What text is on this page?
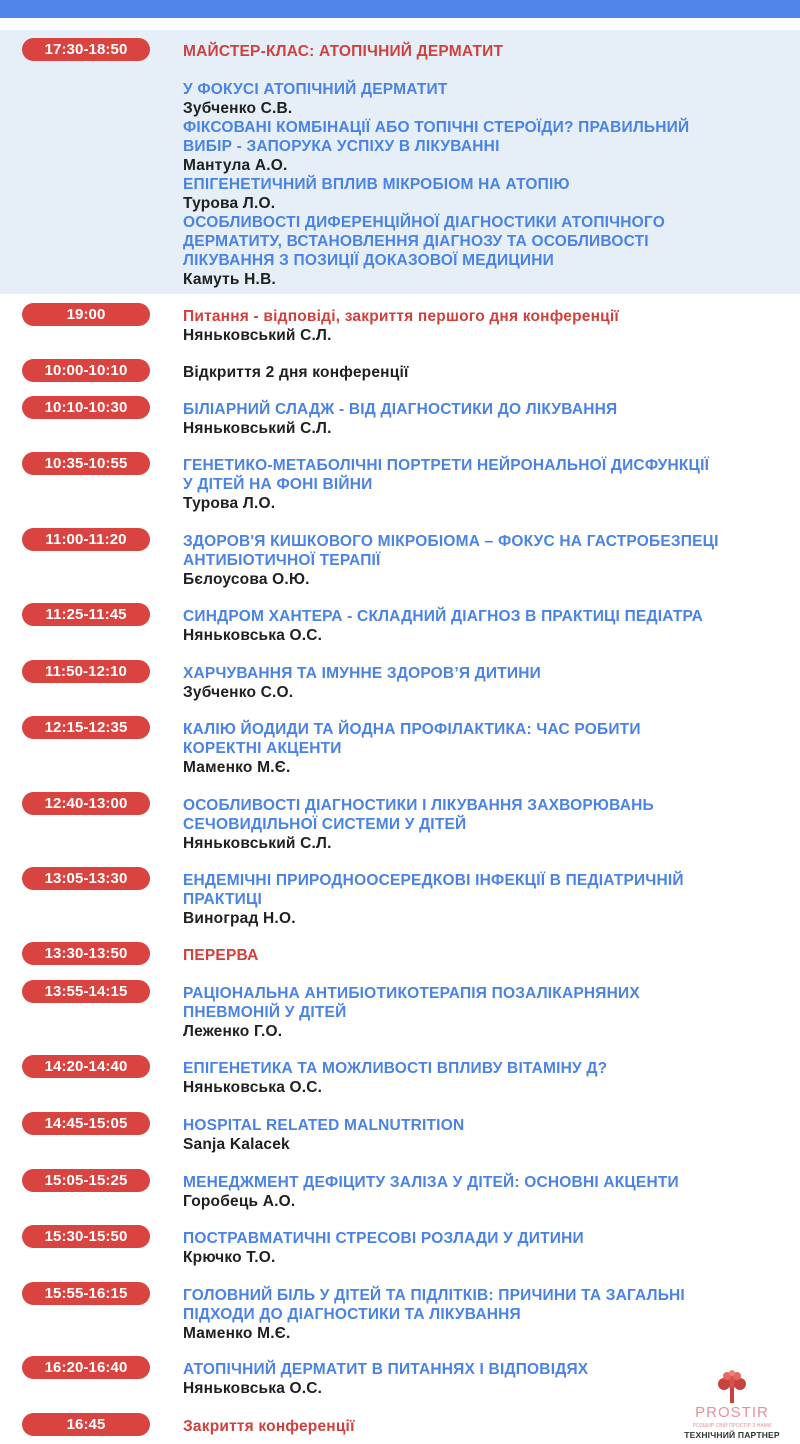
17:30-18:50	МАЙСТЕР-КЛАС: АТОПІЧНИЙ ДЕРМАТИТ
У ФОКУСІ АТОПІЧНИЙ ДЕРМАТИТ
Зубченко С.В.
ФІКСОВАНІ КОМБІНАЦІЇ АБО ТОПІЧНІ СТЕРОЇДИ? ПРАВИЛЬНИЙ
ВИБІР - ЗАПОРУКА УСПІХУ В ЛІКУВАННІ
Мантула А.О.
ЕПІГЕНЕТИЧНИЙ ВПЛИВ МІКРОБІОМ НА АТОПІЮ
Турова Л.О.
ОСОБЛИВОСТІ ДИФЕРЕНЦІЙНОЇ ДІАГНОСТИКИ АТОПІЧНОГО
ДЕРМАТИТУ, ВСТАНОВЛЕННЯ ДІАГНОЗУ ТА ОСОБЛИВОСТІ
ЛІКУВАННЯ З ПОЗИЦІЇ ДОКАЗОВОЇ МЕДИЦИНИ
Камуть Н.В.
19:00	Питання - відповіді, закриття першого дня конференції
Няньковський С.Л.
10:00-10:10	Відкриття 2 дня конференції
10:10-10:30	БІЛІАРНИЙ СЛАДЖ - ВІД ДІАГНОСТИКИ ДО ЛІКУВАННЯ
Няньковський С.Л.
10:35-10:55	ГЕНЕТИКО-МЕТАБОЛІЧНІ ПОРТРЕТИ НЕЙРОНАЛЬНОЇ ДИСФУНКЦІЇ
У ДІТЕЙ НА ФОНІ ВІЙНИ
Турова Л.О.
11:00-11:20	ЗДОРОВ'Я КИШКОВОГО МІКРОБІОМА – ФОКУС НА ГАСТРОБЕЗПЕЦІ
АНТИБІОТИЧНОЇ ТЕРАПІЇ
Бєлоусова О.Ю.
11:25-11:45	СИНДРОМ ХАНТЕРА - СКЛАДНИЙ ДІАГНОЗ В ПРАКТИЦІ ПЕДІАТРА
Няньковська О.С.
11:50-12:10	ХАРЧУВАННЯ ТА ІМУННЕ ЗДОРОВ’Я ДИТИНИ
Зубченко С.О.
12:15-12:35	КАЛІЮ ЙОДИДИ ТА ЙОДНА ПРОФІЛАКТИКА: ЧАС РОБИТИ
КОРЕКТНІ АКЦЕНТИ
Маменко М.Є.
12:40-13:00	ОСОБЛИВОСТІ ДІАГНОСТИКИ І ЛІКУВАННЯ ЗАХВОРЮВАНЬ
СЕЧОВИДІЛЬНОЇ СИСТЕМИ У ДІТЕЙ
Няньковський С.Л.
13:05-13:30	ЕНДЕМІЧНІ ПРИРОДНООСЕРЕДКОВІ ІНФЕКЦІЇ В ПЕДІАТРИЧНІЙ
ПРАКТИЦІ
Виноград Н.О.
13:30-13:50	ПЕРЕРВА
13:55-14:15	РАЦІОНАЛЬНА АНТИБІОТИКОТЕРАПІЯ ПОЗАЛІКАРНЯНИХ
ПНЕВМОНІЙ У ДІТЕЙ
Леженко Г.О.
14:20-14:40	ЕПІГЕНЕТИКА ТА МОЖЛИВОСТІ ВПЛИВУ ВІТАМІНУ Д?
Няньковська О.С.
14:45-15:05	HOSPITAL RELATED MALNUTRITION
Sanja Kalacek
15:05-15:25	МЕНЕДЖМЕНТ ДЕФІЦИТУ ЗАЛІЗА У ДІТЕЙ: ОСНОВНІ АКЦЕНТИ
Горобець А.О.
15:30-15:50	ПОСТРАВМАТИЧНІ СТРЕСОВІ РОЗЛАДИ У ДИТИНИ
Крючко Т.О.
15:55-16:15	ГОЛОВНИЙ БІЛЬ У ДІТЕЙ ТА ПІДЛІТКІВ: ПРИЧИНИ ТА ЗАГАЛЬНІ
ПІДХОДИ ДО ДІАГНОСТИКИ ТА ЛІКУВАННЯ
Маменко М.Є.
16:20-16:40	АТОПІЧНИЙ ДЕРМАТИТ В ПИТАННЯХ І ВІДПОВІДЯХ
Няньковська О.С.
16:45	Закриття конференції
PROSTIR
РОЗШИР СВІЙ ПРОСТІР З НАМИ
ТЕХНІЧНИЙ ПАРТНЕР
